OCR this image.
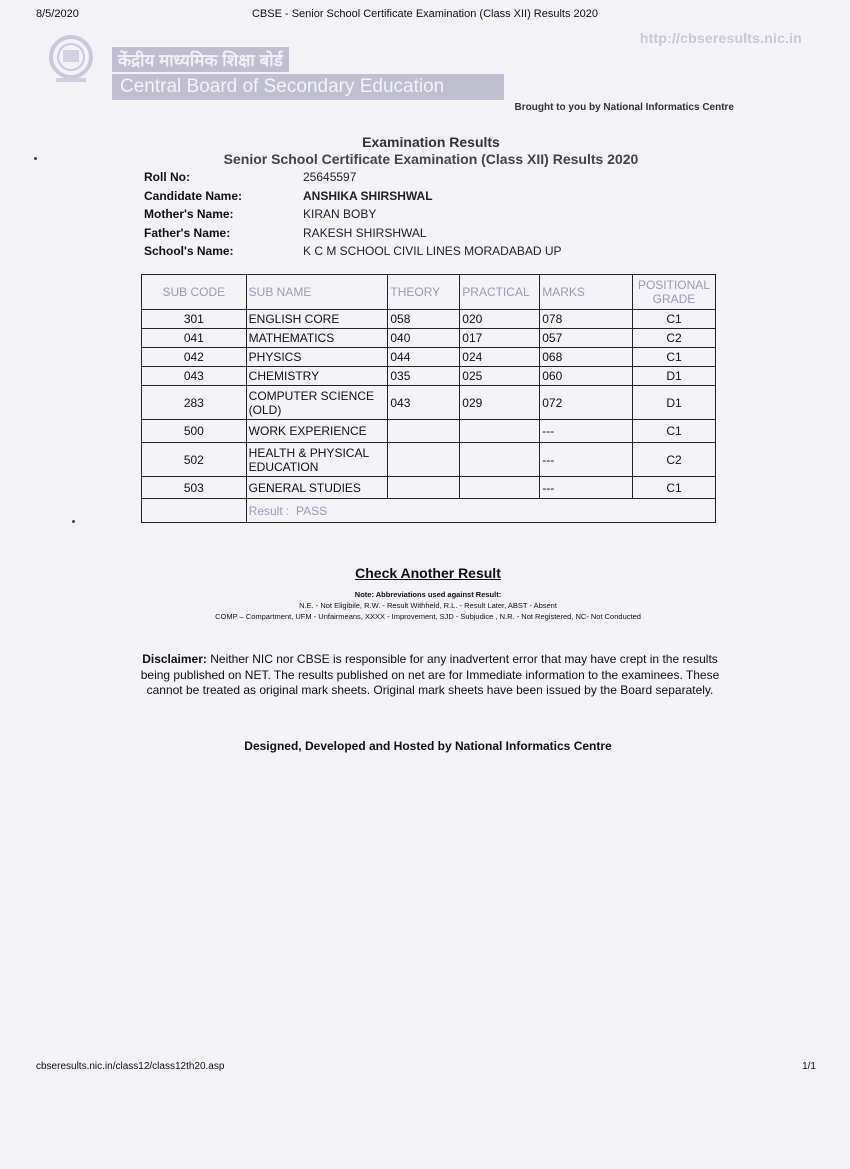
CBSE - Senior School Certificate Examination (Class XII) Results 2020
8/5/2020
http://cbseresults.nic.in
केंद्रीय माध्यमिक शिक्षा बोर्ड
Central Board of Secondary Education
Brought to you by National Informatics Centre
Examination Results
Senior School Certificate Examination (Class XII) Results 2020
Roll No:	25645597
Candidate Name:	ANSHIKA SHIRSHWAL
Mother's Name:	KIRAN BOBY
Father's Name:	RAKESH SHIRSHWAL
School's Name:	K C M SCHOOL CIVIL LINES MORADABAD UP
SUB CODE	SUB NAME	THEORY	PRACTICAL	MARKS	POSITIONAL
GRADE
301	ENGLISH CORE	058	020	078	C1
041	MATHEMATICS	040	017	057	C2
042	PHYSICS	044	024	068	C1
043	CHEMISTRY	035	025	060	D1
283	COMPUTER SCIENCE (OLD)	043	029	072	D1
500	WORK EXPERIENCE			---	C1
502	HEALTH & PHYSICAL EDUCATION			---	C2
503	GENERAL STUDIES			---	C1
	Result : PASS				
Check Another Result
Note: Abbreviations used against Result:
N.E. - Not Eligibile, R.W. - Result Withheld, R.L. - Result Later, ABST - Absent
COMP – Compartment, UFM - Unfairmeans, XXXX - Improvement, SJD - Subjudice , N.R. - Not Registered, NC- Not Conducted
Disclaimer: Neither NIC nor CBSE is responsible for any inadvertent error that may have crept in the results being published on NET. The results published on net are for Immediate information to the examinees. These cannot be treated as original mark sheets. Original mark sheets have been issued by the Board separately.
Designed, Developed and Hosted by National Informatics Centre
cbseresults.nic.in/class12/class12th20.asp	1/1
